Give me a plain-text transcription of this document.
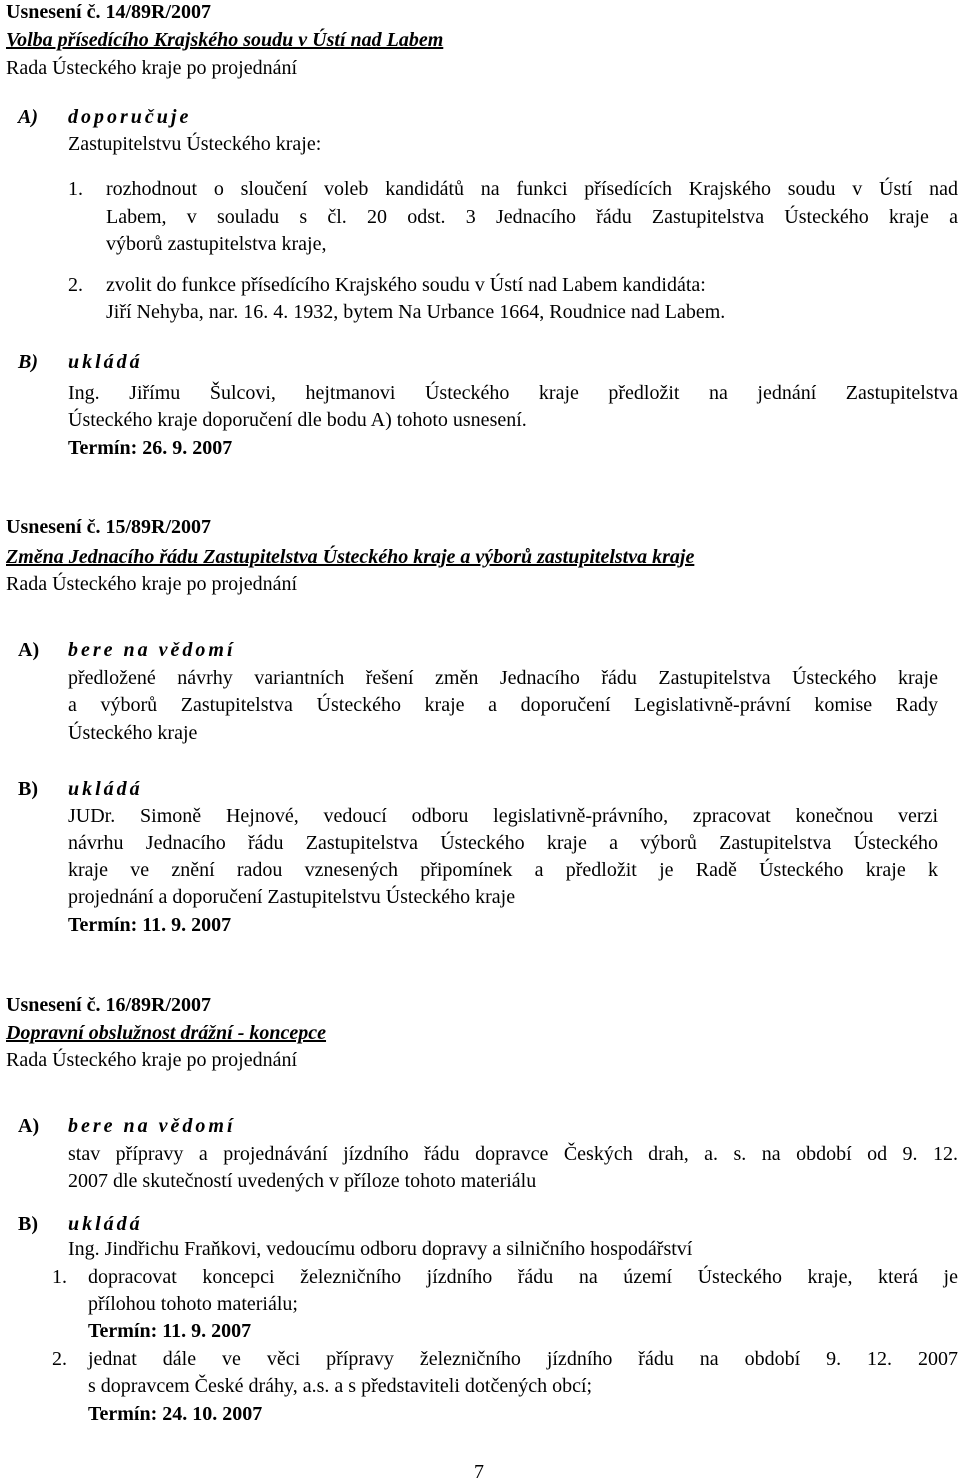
Usnesení č. 14/89R/2007
Volba přísedícího Krajského soudu v Ústí nad Labem
Rada Ústeckého kraje po projednání
A) doporučuje
Zastupitelstvu Ústeckého kraje:
1. rozhodnout o sloučení voleb kandidátů na funkci přísedících Krajského soudu v Ústí nad
Labem, v souladu s čl. 20 odst. 3 Jednacího řádu Zastupitelstva Ústeckého kraje a
výborů zastupitelstva kraje,
2. zvolit do funkce přísedícího Krajského soudu v Ústí nad Labem kandidáta:
Jiří Nehyba, nar. 16. 4. 1932, bytem Na Urbance 1664, Roudnice nad Labem.
B) ukládá
Ing. Jiřímu Šulcovi, hejtmanovi Ústeckého kraje předložit na jednání Zastupitelstva
Ústeckého kraje doporučení dle bodu A) tohoto usnesení.
Termín: 26. 9. 2007
Usnesení č. 15/89R/2007
Změna Jednacího řádu Zastupitelstva Ústeckého kraje a výborů zastupitelstva kraje
Rada Ústeckého kraje po projednání
A) bere na vědomí
předložené návrhy variantních řešení změn Jednacího řádu Zastupitelstva Ústeckého kraje
a výborů Zastupitelstva Ústeckého kraje a doporučení Legislativně-právní komise Rady
Ústeckého kraje
B) ukládá
JUDr. Simoně Hejnové, vedoucí odboru legislativně-právního, zpracovat konečnou verzi
návrhu Jednacího řádu Zastupitelstva Ústeckého kraje a výborů Zastupitelstva Ústeckého
kraje ve znění radou vznesených připomínek a předložit je Radě Ústeckého kraje k
projednání a doporučení Zastupitelstvu Ústeckého kraje
Termín: 11. 9. 2007
Usnesení č. 16/89R/2007
Dopravní obslužnost drážní - koncepce
Rada Ústeckého kraje po projednání
A) bere na vědomí
stav přípravy a projednávání jízdního řádu dopravce Českých drah, a. s. na období od 9. 12.
2007 dle skutečností uvedených v příloze tohoto materiálu
B) ukládá
Ing. Jindřichu Fraňkovi, vedoucímu odboru dopravy a silničního hospodářství
1. dopracovat koncepci železničního jízdního řádu na území Ústeckého kraje, která je
přílohou tohoto materiálu;
Termín: 11. 9. 2007
2. jednat dále ve věci přípravy železničního jízdního řádu na období 9. 12. 2007
s dopravcem České dráhy, a.s. a s představiteli dotčených obcí;
Termín: 24. 10. 2007
7
